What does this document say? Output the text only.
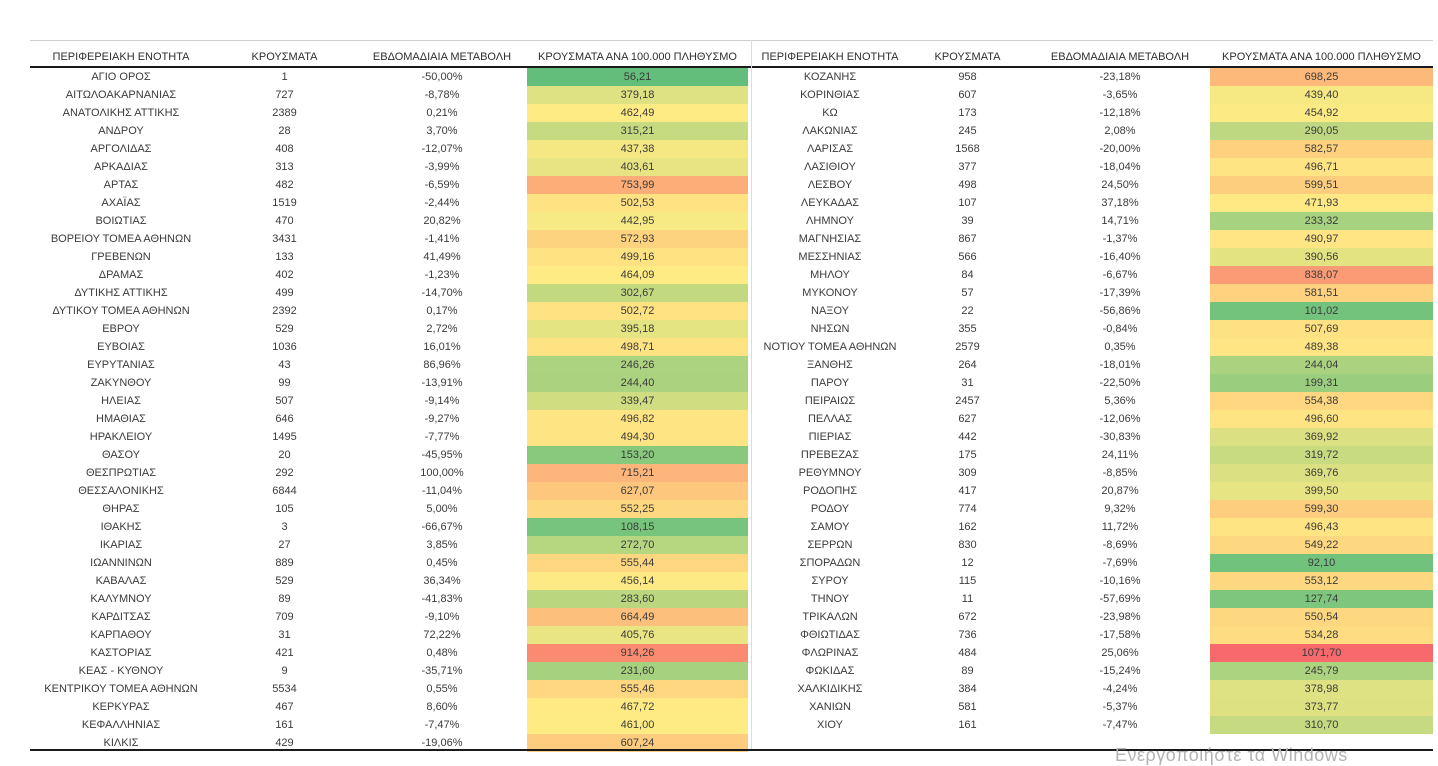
ΠΕΡΙΦΕΡΕΙΑΚΗ ΕΝΟΤΗΤΑ	ΚΡΟΥΣΜΑΤΑ	ΕΒΔΟΜΑΔΙΑΙΑ ΜΕΤΑΒΟΛΗ	ΚΡΟΥΣΜΑΤΑ ΑΝΑ 100.000 ΠΛΗΘΥΣΜΟ
ΑΓΙΟ ΟΡΟΣ	1	-50,00%	56,21
ΑΙΤΩΛΟΑΚΑΡΝΑΝΙΑΣ	727	-8,78%	379,18
ΑΝΑΤΟΛΙΚΗΣ ΑΤΤΙΚΗΣ	2389	0,21%	462,49
ΑΝΔΡΟΥ	28	3,70%	315,21
ΑΡΓΟΛΙΔΑΣ	408	-12,07%	437,38
ΑΡΚΑΔΙΑΣ	313	-3,99%	403,61
ΑΡΤΑΣ	482	-6,59%	753,99
ΑΧΑΪΑΣ	1519	-2,44%	502,53
ΒΟΙΩΤΙΑΣ	470	20,82%	442,95
ΒΟΡΕΙΟΥ ΤΟΜΕΑ ΑΘΗΝΩΝ	3431	-1,41%	572,93
ΓΡΕΒΕΝΩΝ	133	41,49%	499,16
ΔΡΑΜΑΣ	402	-1,23%	464,09
ΔΥΤΙΚΗΣ ΑΤΤΙΚΗΣ	499	-14,70%	302,67
ΔΥΤΙΚΟΥ ΤΟΜΕΑ ΑΘΗΝΩΝ	2392	0,17%	502,72
ΕΒΡΟΥ	529	2,72%	395,18
ΕΥΒΟΙΑΣ	1036	16,01%	498,71
ΕΥΡΥΤΑΝΙΑΣ	43	86,96%	246,26
ΖΑΚΥΝΘΟΥ	99	-13,91%	244,40
ΗΛΕΙΑΣ	507	-9,14%	339,47
ΗΜΑΘΙΑΣ	646	-9,27%	496,82
ΗΡΑΚΛΕΙΟΥ	1495	-7,77%	494,30
ΘΑΣΟΥ	20	-45,95%	153,20
ΘΕΣΠΡΩΤΙΑΣ	292	100,00%	715,21
ΘΕΣΣΑΛΟΝΙΚΗΣ	6844	-11,04%	627,07
ΘΗΡΑΣ	105	5,00%	552,25
ΙΘΑΚΗΣ	3	-66,67%	108,15
ΙΚΑΡΙΑΣ	27	3,85%	272,70
ΙΩΑΝΝΙΝΩΝ	889	0,45%	555,44
ΚΑΒΑΛΑΣ	529	36,34%	456,14
ΚΑΛΥΜΝΟΥ	89	-41,83%	283,60
ΚΑΡΔΙΤΣΑΣ	709	-9,10%	664,49
ΚΑΡΠΑΘΟΥ	31	72,22%	405,76
ΚΑΣΤΟΡΙΑΣ	421	0,48%	914,26
ΚΕΑΣ - ΚΥΘΝΟΥ	9	-35,71%	231,60
ΚΕΝΤΡΙΚΟΥ ΤΟΜΕΑ ΑΘΗΝΩΝ	5534	0,55%	555,46
ΚΕΡΚΥΡΑΣ	467	8,60%	467,72
ΚΕΦΑΛΛΗΝΙΑΣ	161	-7,47%	461,00
ΚΙΛΚΙΣ	429	-19,06%	607,24
ΠΕΡΙΦΕΡΕΙΑΚΗ ΕΝΟΤΗΤΑ	ΚΡΟΥΣΜΑΤΑ	ΕΒΔΟΜΑΔΙΑΙΑ ΜΕΤΑΒΟΛΗ	ΚΡΟΥΣΜΑΤΑ ΑΝΑ 100.000 ΠΛΗΘΥΣΜΟ
ΚΟΖΑΝΗΣ	958	-23,18%	698,25
ΚΟΡΙΝΘΙΑΣ	607	-3,65%	439,40
ΚΩ	173	-12,18%	454,92
ΛΑΚΩΝΙΑΣ	245	2,08%	290,05
ΛΑΡΙΣΑΣ	1568	-20,00%	582,57
ΛΑΣΙΘΙΟΥ	377	-18,04%	496,71
ΛΕΣΒΟΥ	498	24,50%	599,51
ΛΕΥΚΑΔΑΣ	107	37,18%	471,93
ΛΗΜΝΟΥ	39	14,71%	233,32
ΜΑΓΝΗΣΙΑΣ	867	-1,37%	490,97
ΜΕΣΣΗΝΙΑΣ	566	-16,40%	390,56
ΜΗΛΟΥ	84	-6,67%	838,07
ΜΥΚΟΝΟΥ	57	-17,39%	581,51
ΝΑΞΟΥ	22	-56,86%	101,02
ΝΗΣΩΝ	355	-0,84%	507,69
ΝΟΤΙΟΥ ΤΟΜΕΑ ΑΘΗΝΩΝ	2579	0,35%	489,38
ΞΑΝΘΗΣ	264	-18,01%	244,04
ΠΑΡΟΥ	31	-22,50%	199,31
ΠΕΙΡΑΙΩΣ	2457	5,36%	554,38
ΠΕΛΛΑΣ	627	-12,06%	496,60
ΠΙΕΡΙΑΣ	442	-30,83%	369,92
ΠΡΕΒΕΖΑΣ	175	24,11%	319,72
ΡΕΘΥΜΝΟΥ	309	-8,85%	369,76
ΡΟΔΟΠΗΣ	417	20,87%	399,50
ΡΟΔΟΥ	774	9,32%	599,30
ΣΑΜΟΥ	162	11,72%	496,43
ΣΕΡΡΩΝ	830	-8,69%	549,22
ΣΠΟΡΑΔΩΝ	12	-7,69%	92,10
ΣΥΡΟΥ	115	-10,16%	553,12
ΤΗΝΟΥ	11	-57,69%	127,74
ΤΡΙΚΑΛΩΝ	672	-23,98%	550,54
ΦΘΙΩΤΙΔΑΣ	736	-17,58%	534,28
ΦΛΩΡΙΝΑΣ	484	25,06%	1071,70
ΦΩΚΙΔΑΣ	89	-15,24%	245,79
ΧΑΛΚΙΔΙΚΗΣ	384	-4,24%	378,98
ΧΑΝΙΩΝ	581	-5,37%	373,77
ΧΙΟΥ	161	-7,47%	310,70
Ενεργοποιήστε τα Windows
